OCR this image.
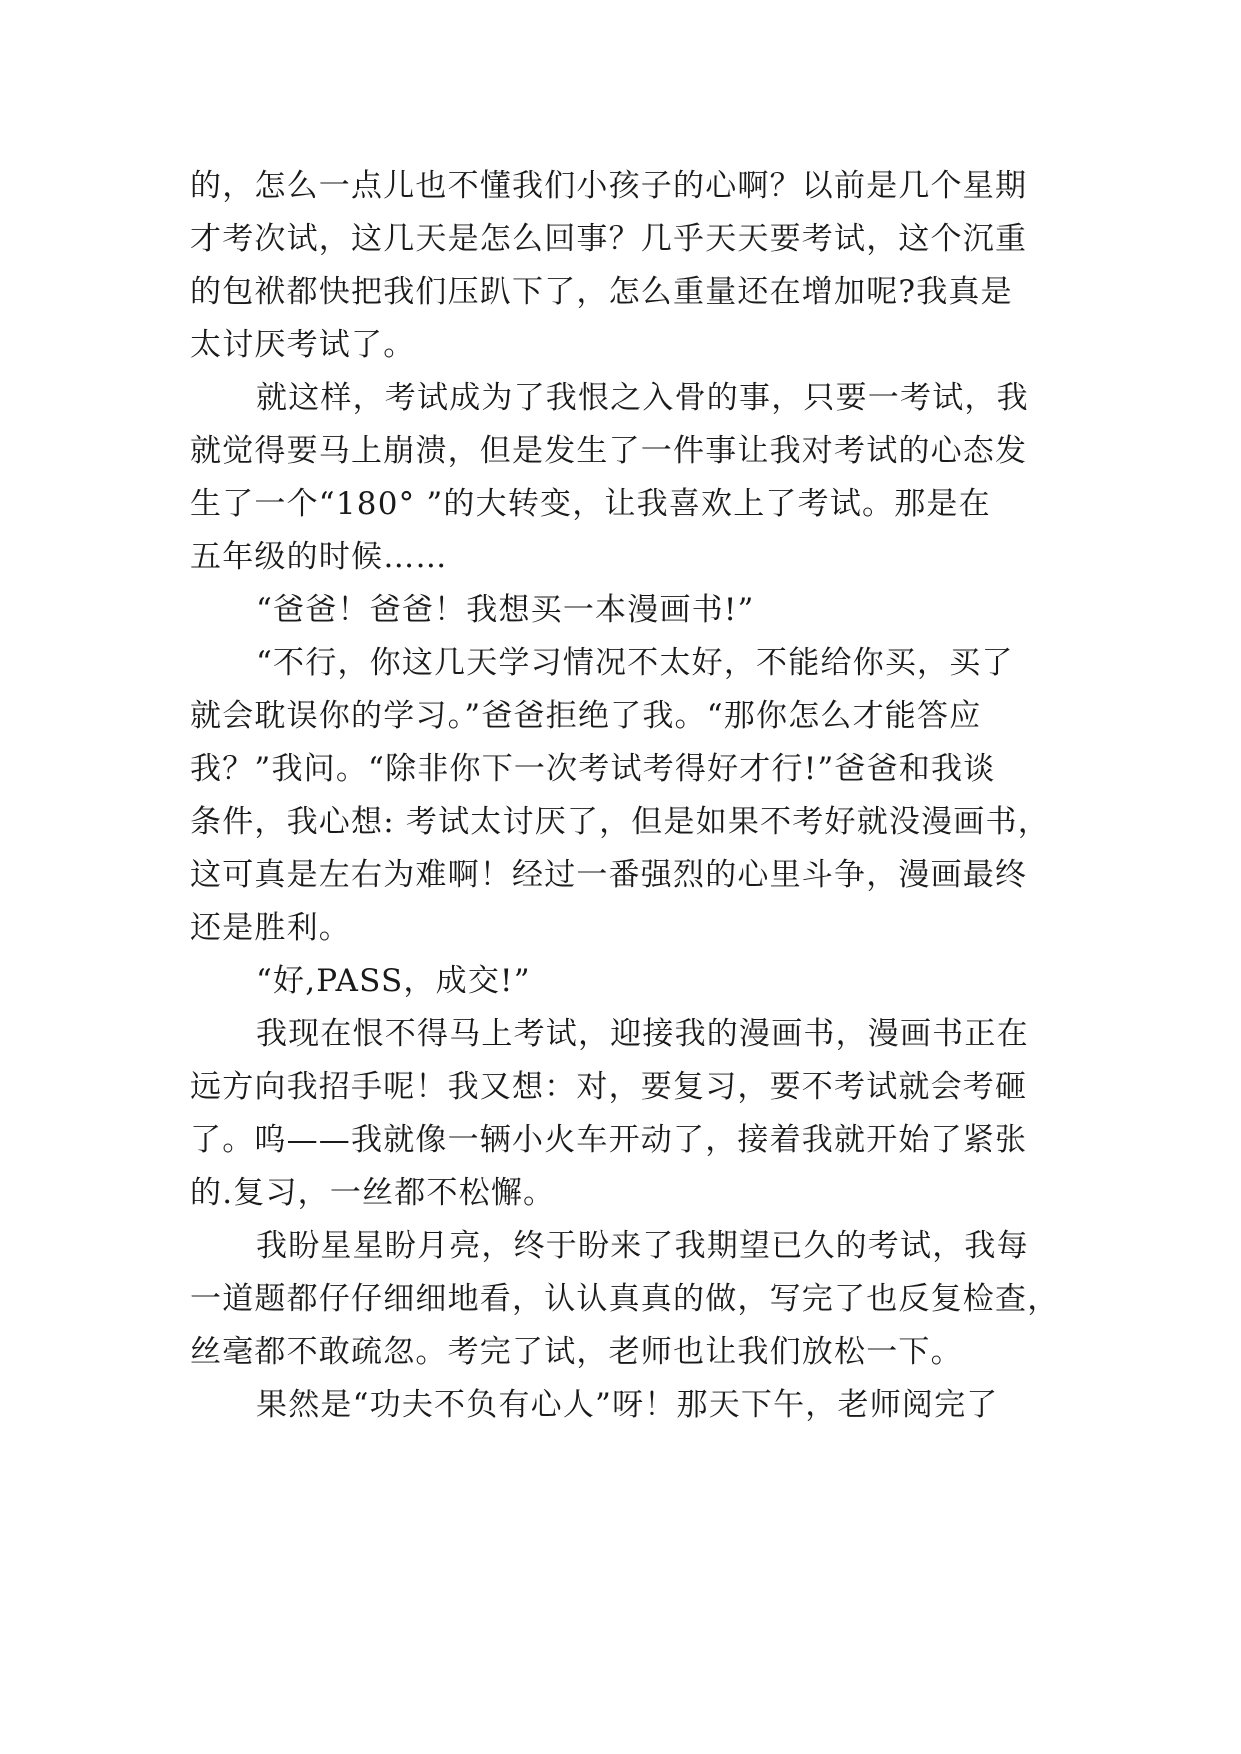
的，怎么一点儿也不懂我们小孩子的心啊？以前是几个星期
才考次试，这几天是怎么回事？几乎天天要考试，这个沉重
的包袱都快把我们压趴下了，怎么重量还在增加呢?我真是
太讨厌考试了。
就这样，考试成为了我恨之入骨的事，只要一考试，我
就觉得要马上崩溃，但是发生了一件事让我对考试的心态发
生了一个“180° ”的大转变，让我喜欢上了考试。那是在
五年级的时候……
“爸爸！爸爸！我想买一本漫画书!”
“不行，你这几天学习情况不太好，不能给你买，买了
就会耽误你的学习。”爸爸拒绝了我。“那你怎么才能答应
我？”我问。“除非你下一次考试考得好才行!”爸爸和我谈
条件，我心想: 考试太讨厌了，但是如果不考好就没漫画书，
这可真是左右为难啊！经过一番强烈的心里斗争，漫画最终
还是胜利。
“好,PASS，成交!”
我现在恨不得马上考试，迎接我的漫画书，漫画书正在
远方向我招手呢！我又想：对，要复习，要不考试就会考砸
了。呜——我就像一辆小火车开动了，接着我就开始了紧张
的.复习，一丝都不松懈。
我盼星星盼月亮，终于盼来了我期望已久的考试，我每
一道题都仔仔细细地看，认认真真的做，写完了也反复检查，
丝毫都不敢疏忽。考完了试，老师也让我们放松一下。
果然是“功夫不负有心人”呀！那天下午，老师阅完了
